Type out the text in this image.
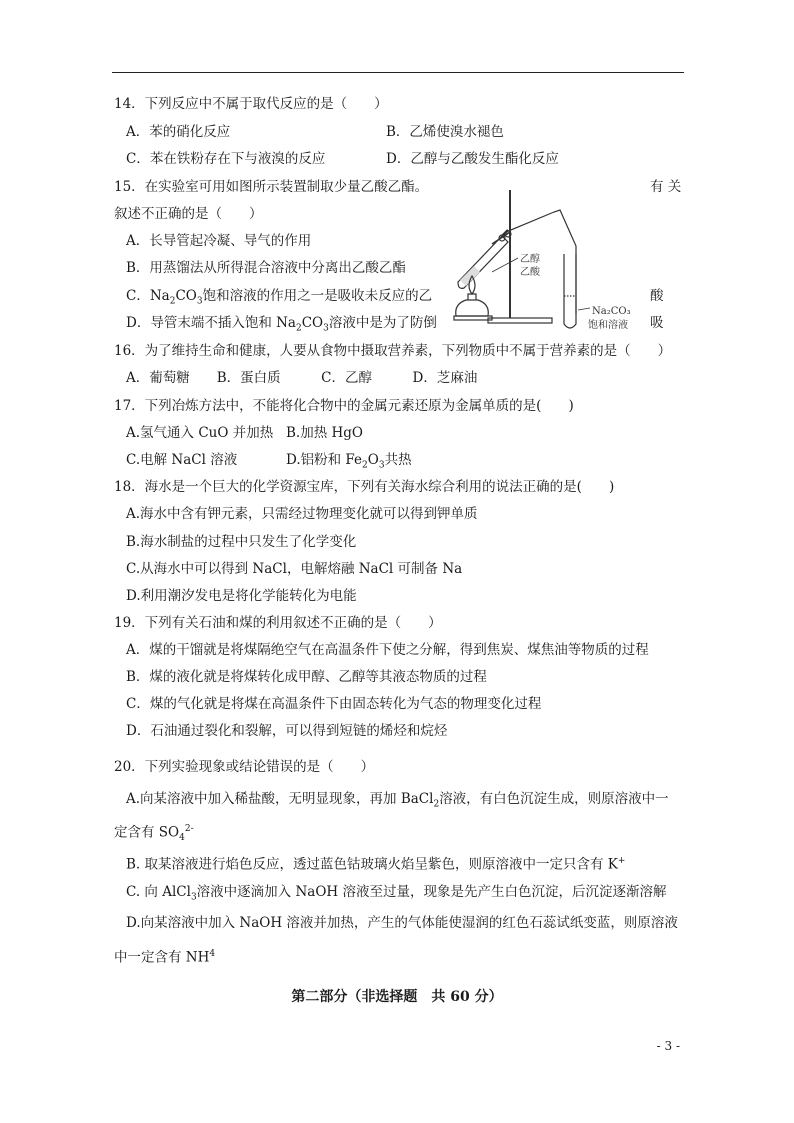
14．下列反应中不属于取代反应的是（　　）
A．苯的硝化反应	B．乙烯使溴水褪色
C．苯在铁粉存在下与液溴的反应	D．乙醇与乙酸发生酯化反应
15．在实验室可用如图所示装置制取少量乙酸乙酯。	有 关
叙述不正确的是（　　）
A．长导管起冷凝、导气的作用
B．用蒸馏法从所得混合溶液中分离出乙酸乙酯
C．$Na_2CO_3$饱和溶液的作用之一是吸收未反应的乙	酸
D．导管末端不插入饱和 $Na_2CO_3$溶液中是为了防倒	吸
乙醇
乙酸
Na₂CO₃
饱和溶液
16．为了维持生命和健康，人要从食物中摄取营养素，下列物质中不属于营养素的是（　　）
A．葡萄糖　　B．蛋白质　　　C．乙醇　　　D．芝麻油
17．下列冶炼方法中，不能将化合物中的金属元素还原为金属单质的是(　　)
A.氢气通入 CuO 并加热 B.加热 HgO
C.电解 NaCl 溶液	D.铝粉和 $Fe_2O_3$共热
18．海水是一个巨大的化学资源宝库，下列有关海水综合利用的说法正确的是(　　)
A.海水中含有钾元素，只需经过物理变化就可以得到钾单质
B.海水制盐的过程中只发生了化学变化
C.从海水中可以得到 NaCl，电解熔融 NaCl 可制备 Na
D.利用潮汐发电是将化学能转化为电能
19．下列有关石油和煤的利用叙述不正确的是（　　）
A．煤的干馏就是将煤隔绝空气在高温条件下使之分解，得到焦炭、煤焦油等物质的过程
B．煤的液化就是将煤转化成甲醇、乙醇等其液态物质的过程
C．煤的气化就是将煤在高温条件下由固态转化为气态的物理变化过程
D．石油通过裂化和裂解，可以得到短链的烯烃和烷烃
20．下列实验现象或结论错误的是（　　）
A.向某溶液中加入稀盐酸，无明显现象，再加 BaCl$_2$溶液，有白色沉淀生成，则原溶液中一
定含有 $SO_4^{2-}$
B. 取某溶液进行焰色反应，透过蓝色钴玻璃火焰呈紫色，则原溶液中一定只含有 K+
C. 向 AlCl$_3$溶液中逐滴加入 NaOH 溶液至过量，现象是先产生白色沉淀，后沉淀逐渐溶解
D.向某溶液中加入 NaOH 溶液并加热，产生的气体能使湿润的红色石蕊试纸变蓝，则原溶液
中一定含有 $NH^4$
第二部分（非选择题　共 60 分）
- 3 -
